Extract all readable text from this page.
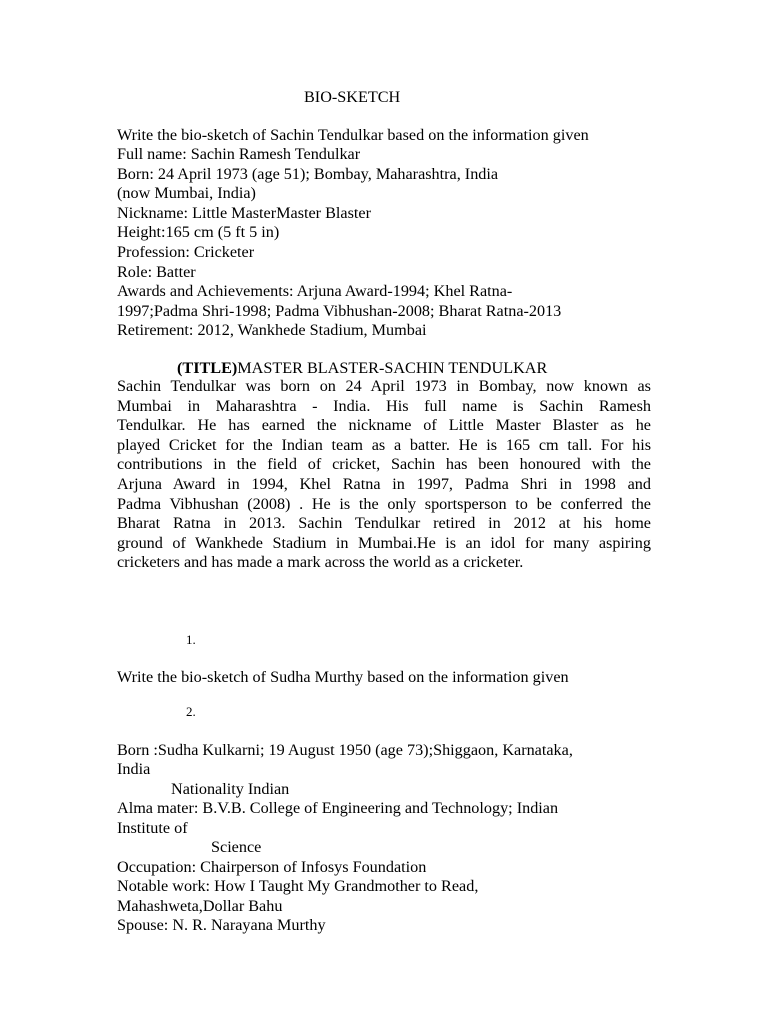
BIO-SKETCH
Write the bio-sketch of Sachin Tendulkar based on the information given
Full name: Sachin Ramesh Tendulkar
Born: 24 April 1973 (age 51); Bombay, Maharashtra, India
(now Mumbai, India)
Nickname: Little MasterMaster Blaster
Height:165 cm (5 ft 5 in)
Profession: Cricketer
Role: Batter
Awards and Achievements: Arjuna Award-1994; Khel Ratna-
1997;Padma Shri-1998; Padma Vibhushan-2008; Bharat Ratna-2013
Retirement: 2012, Wankhede Stadium, Mumbai
(TITLE)MASTER BLASTER-SACHIN TENDULKAR
Sachin Tendulkar was born on 24 April 1973 in Bombay, now known as
Mumbai in Maharashtra - India. His full name is Sachin Ramesh
Tendulkar. He has earned the nickname of Little Master Blaster as he
played Cricket for the Indian team as a batter. He is 165 cm tall. For his
contributions in the field of cricket, Sachin has been honoured with the
Arjuna Award in 1994, Khel Ratna in 1997, Padma Shri in 1998 and
Padma Vibhushan (2008) . He is the only sportsperson to be conferred the
Bharat Ratna in 2013. Sachin Tendulkar retired in 2012 at his home
ground of Wankhede Stadium in Mumbai.He is an idol for many aspiring
cricketers and has made a mark across the world as a cricketer.
1.
Write the bio-sketch of Sudha Murthy based on the information given
2.
Born :Sudha Kulkarni; 19 August 1950 (age 73);Shiggaon, Karnataka,
India
Nationality Indian
Alma mater: B.V.B. College of Engineering and Technology; Indian
Institute of
Science
Occupation: Chairperson of Infosys Foundation
Notable work: How I Taught My Grandmother to Read,
Mahashweta,Dollar Bahu
Spouse: N. R. Narayana Murthy
